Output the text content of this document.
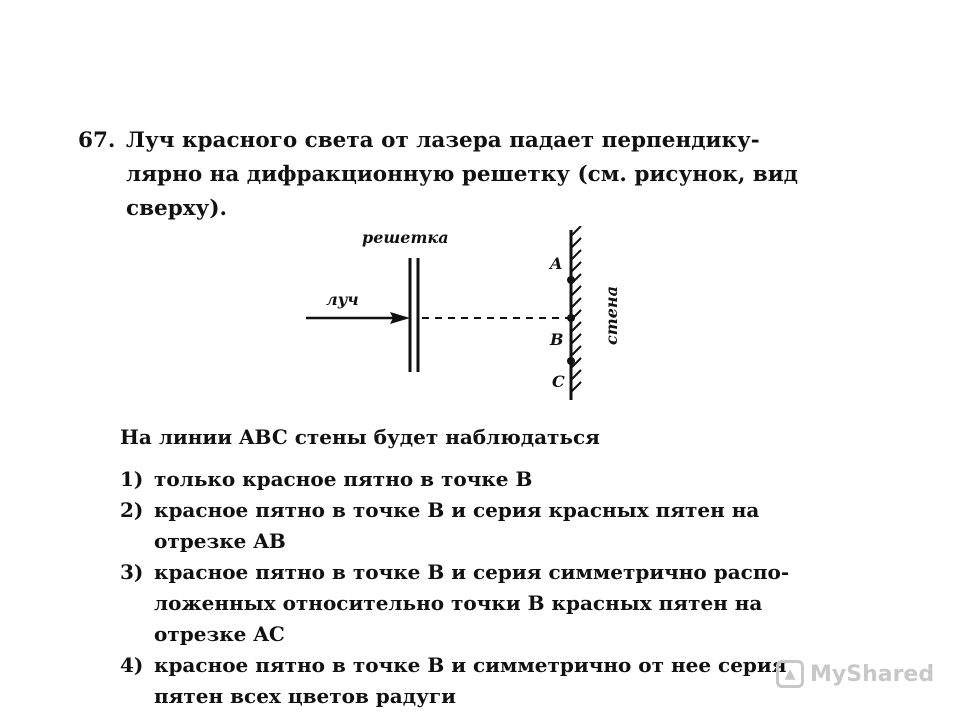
67. Луч красного света от лазера падает перпендику-
лярно на дифракционную решетку (см. рисунок, вид
сверху).
решетка
луч
A
B
C
стена
На линии ABC стены будет наблюдаться

1) только красное пятно в точке B

2) красное пятно в точке B и серия красных пятен на
отрезке AB

3) красное пятно в точке B и серия симметрично распо-
ложенных относительно точки B красных пятен на
отрезке AC

4) красное пятно в точке B и симметрично от нее серия
пятен всех цветов радуги

▲ MyShared
